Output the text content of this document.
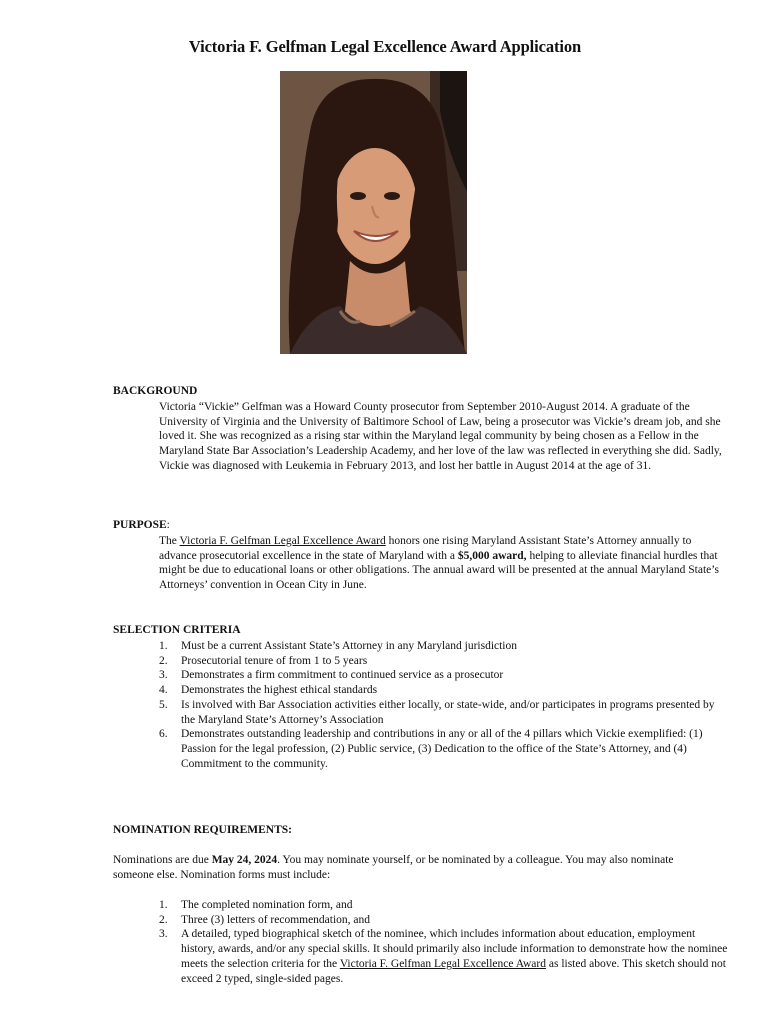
Victoria F. Gelfman Legal Excellence Award Application
BACKGROUND
Victoria “Vickie” Gelfman was a Howard County prosecutor from September 2010-August 2014. A graduate of the University of Virginia and the University of Baltimore School of Law, being a prosecutor was Vickie’s dream job, and she loved it. She was recognized as a rising star within the Maryland legal community by being chosen as a Fellow in the Maryland State Bar Association’s Leadership Academy, and her love of the law was reflected in everything she did. Sadly, Vickie was diagnosed with Leukemia in February 2013, and lost her battle in August 2014 at the age of 31.
PURPOSE:
The Victoria F. Gelfman Legal Excellence Award honors one rising Maryland Assistant State’s Attorney annually to advance prosecutorial excellence in the state of Maryland with a $5,000 award, helping to alleviate financial hurdles that might be due to educational loans or other obligations. The annual award will be presented at the annual Maryland State’s Attorneys’ convention in Ocean City in June.
SELECTION CRITERIA
1. Must be a current Assistant State’s Attorney in any Maryland jurisdiction
2. Prosecutorial tenure of from 1 to 5 years
3. Demonstrates a firm commitment to continued service as a prosecutor
4. Demonstrates the highest ethical standards
5. Is involved with Bar Association activities either locally, or state-wide, and/or participates in programs presented by the Maryland State’s Attorney’s Association
6. Demonstrates outstanding leadership and contributions in any or all of the 4 pillars which Vickie exemplified: (1) Passion for the legal profession, (2) Public service, (3) Dedication to the office of the State’s Attorney, and (4) Commitment to the community.
NOMINATION REQUIREMENTS:
Nominations are due May 24, 2024. You may nominate yourself, or be nominated by a colleague. You may also nominate someone else. Nomination forms must include:
1. The completed nomination form, and
2. Three (3) letters of recommendation, and
3. A detailed, typed biographical sketch of the nominee, which includes information about education, employment history, awards, and/or any special skills. It should primarily also include information to demonstrate how the nominee meets the selection criteria for the Victoria F. Gelfman Legal Excellence Award as listed above. This sketch should not exceed 2 typed, single-sided pages.
